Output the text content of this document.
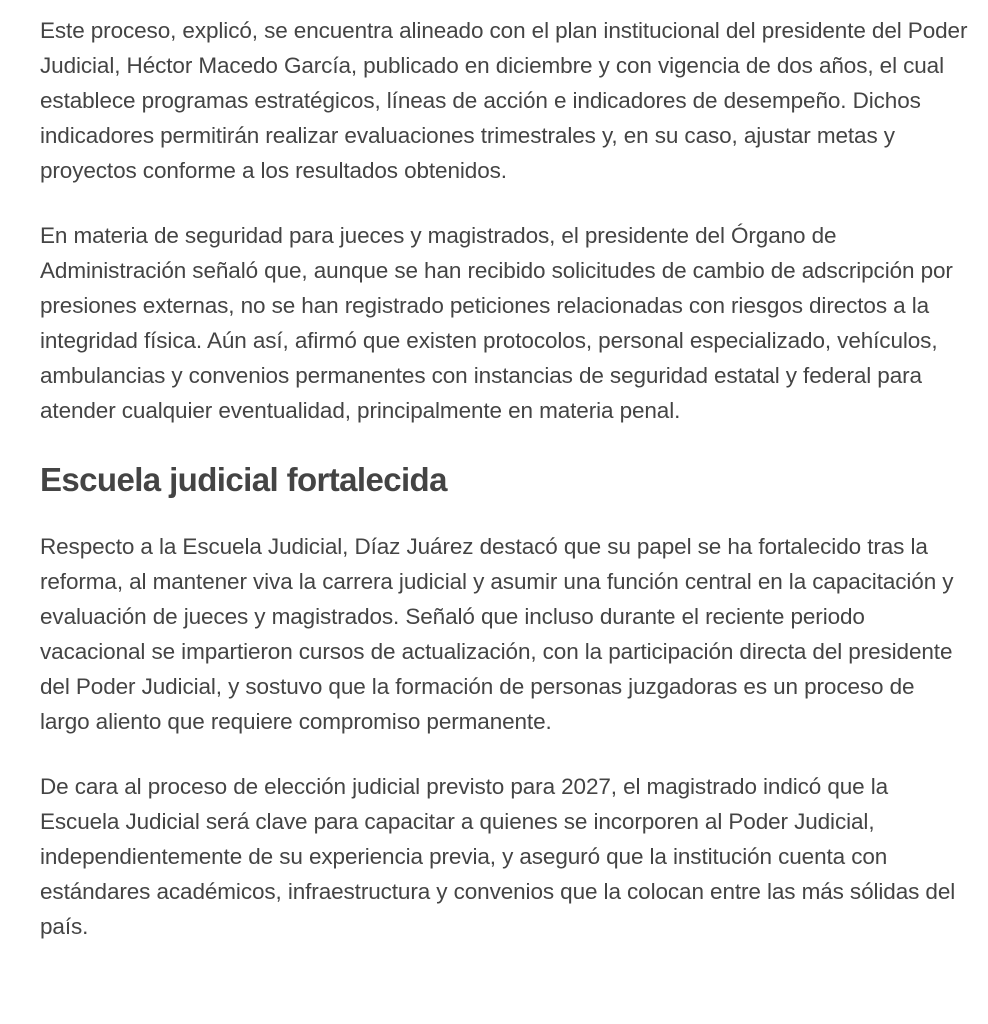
Este proceso, explicó, se encuentra alineado con el plan institucional del presidente del Poder Judicial, Héctor Macedo García, publicado en diciembre y con vigencia de dos años, el cual establece programas estratégicos, líneas de acción e indicadores de desempeño. Dichos indicadores permitirán realizar evaluaciones trimestrales y, en su caso, ajustar metas y proyectos conforme a los resultados obtenidos.

En materia de seguridad para jueces y magistrados, el presidente del Órgano de Administración señaló que, aunque se han recibido solicitudes de cambio de adscripción por presiones externas, no se han registrado peticiones relacionadas con riesgos directos a la integridad física. Aún así, afirmó que existen protocolos, personal especializado, vehículos, ambulancias y convenios permanentes con instancias de seguridad estatal y federal para atender cualquier eventualidad, principalmente en materia penal.

Escuela judicial fortalecida

Respecto a la Escuela Judicial, Díaz Juárez destacó que su papel se ha fortalecido tras la reforma, al mantener viva la carrera judicial y asumir una función central en la capacitación y evaluación de jueces y magistrados. Señaló que incluso durante el reciente periodo vacacional se impartieron cursos de actualización, con la participación directa del presidente del Poder Judicial, y sostuvo que la formación de personas juzgadoras es un proceso de largo aliento que requiere compromiso permanente.

De cara al proceso de elección judicial previsto para 2027, el magistrado indicó que la Escuela Judicial será clave para capacitar a quienes se incorporen al Poder Judicial, independientemente de su experiencia previa, y aseguró que la institución cuenta con estándares académicos, infraestructura y convenios que la colocan entre las más sólidas del país.
